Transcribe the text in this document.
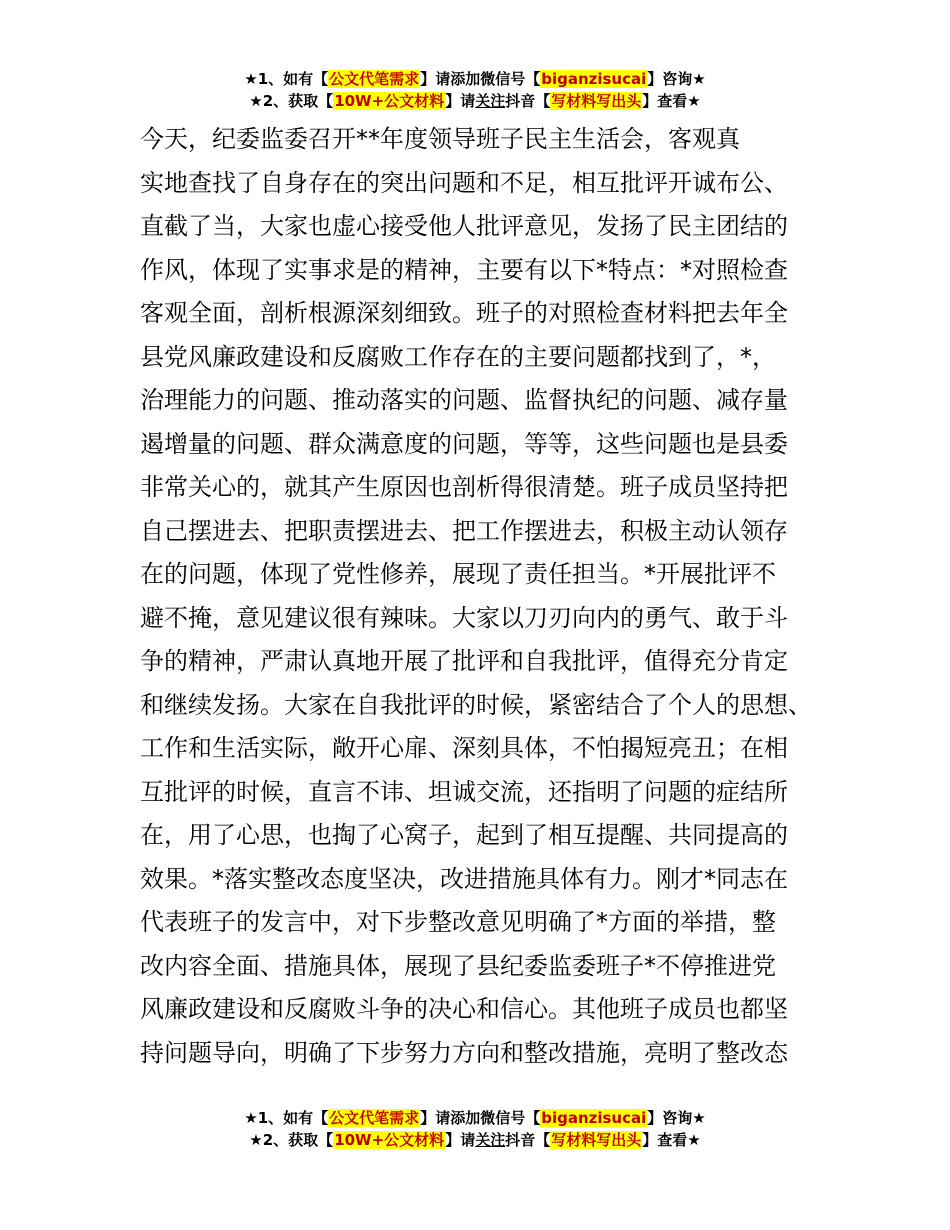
★1、如有【公文代笔需求】请添加微信号【biganzisucai】咨询★
★2、获取【10W+公文材料】请关注抖音【写材料写出头】查看★
今天，纪委监委召开**年度领导班子民主生活会，客观真
实地查找了自身存在的突出问题和不足，相互批评开诚布公、
直截了当，大家也虚心接受他人批评意见，发扬了民主团结的
作风，体现了实事求是的精神，主要有以下*特点：*对照检查
客观全面，剖析根源深刻细致。班子的对照检查材料把去年全
县党风廉政建设和反腐败工作存在的主要问题都找到了，*，
治理能力的问题、推动落实的问题、监督执纪的问题、减存量
遏增量的问题、群众满意度的问题，等等，这些问题也是县委
非常关心的，就其产生原因也剖析得很清楚。班子成员坚持把
自己摆进去、把职责摆进去、把工作摆进去，积极主动认领存
在的问题，体现了党性修养，展现了责任担当。*开展批评不
避不掩，意见建议很有辣味。大家以刀刃向内的勇气、敢于斗
争的精神，严肃认真地开展了批评和自我批评，值得充分肯定
和继续发扬。大家在自我批评的时候，紧密结合了个人的思想、
工作和生活实际，敞开心扉、深刻具体，不怕揭短亮丑；在相
互批评的时候，直言不讳、坦诚交流，还指明了问题的症结所
在，用了心思，也掏了心窝子，起到了相互提醒、共同提高的
效果。*落实整改态度坚决，改进措施具体有力。刚才*同志在
代表班子的发言中，对下步整改意见明确了*方面的举措，整
改内容全面、措施具体，展现了县纪委监委班子*不停推进党
风廉政建设和反腐败斗争的决心和信心。其他班子成员也都坚
持问题导向，明确了下步努力方向和整改措施，亮明了整改态
★1、如有【公文代笔需求】请添加微信号【biganzisucai】咨询★
★2、获取【10W+公文材料】请关注抖音【写材料写出头】查看★
